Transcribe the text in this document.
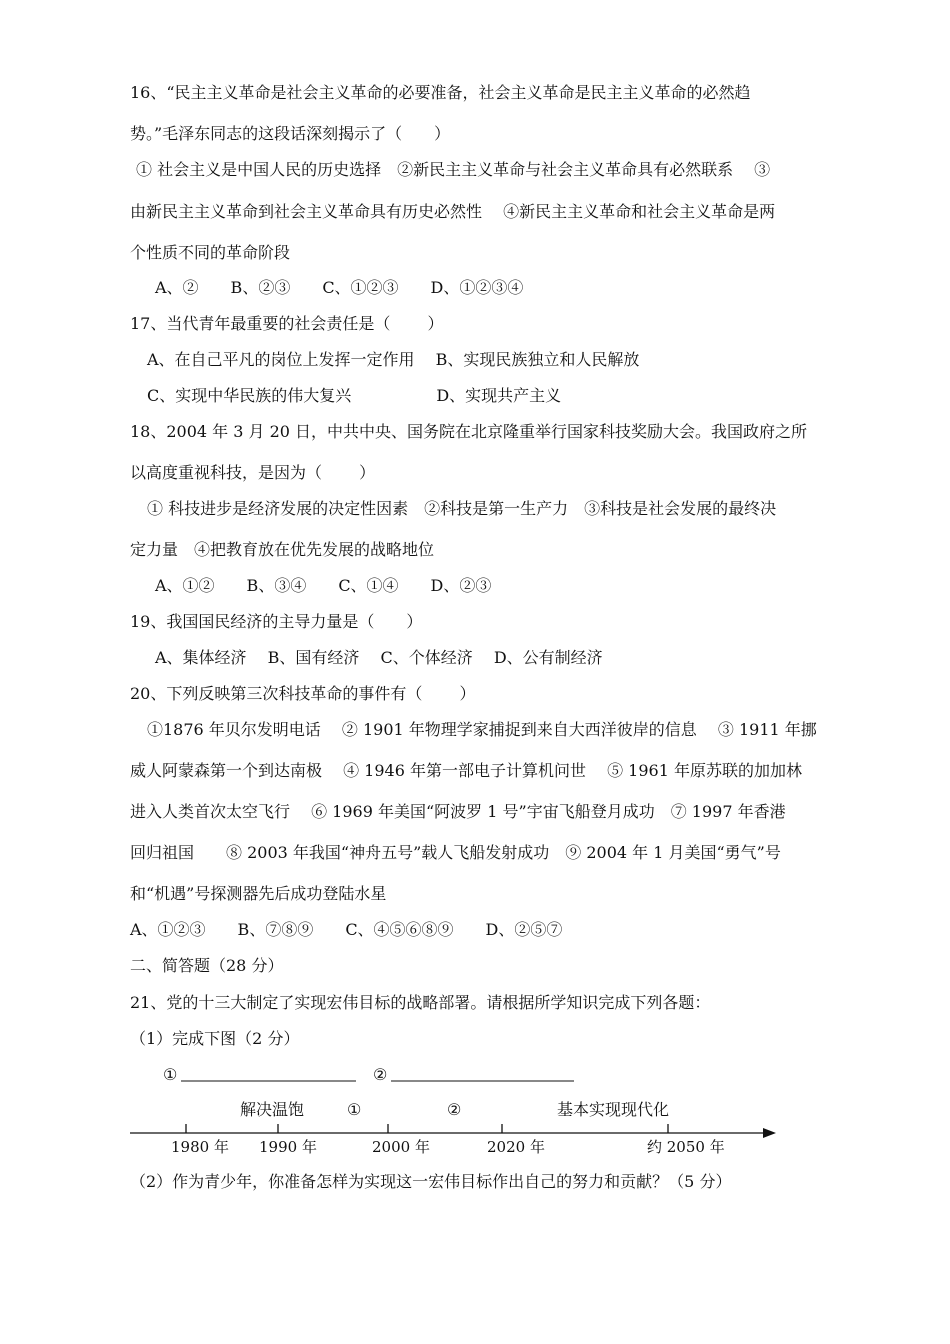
16、“民主主义革命是社会主义革命的必要准备，社会主义革命是民主主义革命的必然趋
势。”毛泽东同志的这段话深刻揭示了（　　）
① 社会主义是中国人民的历史选择　②新民主主义革命与社会主义革命具有必然联系　 ③
由新民主主义革命到社会主义革命具有历史必然性　 ④新民主主义革命和社会主义革命是两
个性质不同的革命阶段
A、②　　B、②③　　C、①②③　　D、①②③④
17、当代青年最重要的社会责任是（　　 ）
A、在自己平凡的岗位上发挥一定作用　 B、实现民族独立和人民解放
C、实现中华民族的伟大复兴　　　　　 D、实现共产主义
18、2004 年 3 月 20 日，中共中央、国务院在北京隆重举行国家科技奖励大会。我国政府之所
以高度重视科技，是因为（　　 ）
① 科技进步是经济发展的决定性因素　②科技是第一生产力　③科技是社会发展的最终决
定力量　④把教育放在优先发展的战略地位
A、①②　　B、③④　　C、①④　　D、②③
19、我国国民经济的主导力量是（　　）
A、集体经济　 B、国有经济　 C、个体经济　 D、公有制经济
20、下列反映第三次科技革命的事件有（　　 ）
①1876 年贝尔发明电话　 ② 1901 年物理学家捕捉到来自大西洋彼岸的信息　 ③ 1911 年挪
威人阿蒙森第一个到达南极　 ④ 1946 年第一部电子计算机问世　 ⑤ 1961 年原苏联的加加林
进入人类首次太空飞行　 ⑥ 1969 年美国“阿波罗 1 号”宇宙飞船登月成功　⑦ 1997 年香港
回归祖国　　⑧ 2003 年我国“神舟五号”载人飞船发射成功　⑨ 2004 年 1 月美国“勇气”号
和“机遇”号探测器先后成功登陆水星
A、①②③　　B、⑦⑧⑨　　C、④⑤⑥⑧⑨　　D、②⑤⑦
二、简答题（28 分）
21、党的十三大制定了实现宏伟目标的战略部署。请根据所学知识完成下列各题：
（1）完成下图（2 分）
①	②
解决温饱	①	②	基本实现现代化
1980 年 1990 年	2000 年	2020 年	约 2050 年
（2）作为青少年，你准备怎样为实现这一宏伟目标作出自己的努力和贡献？（5 分）
